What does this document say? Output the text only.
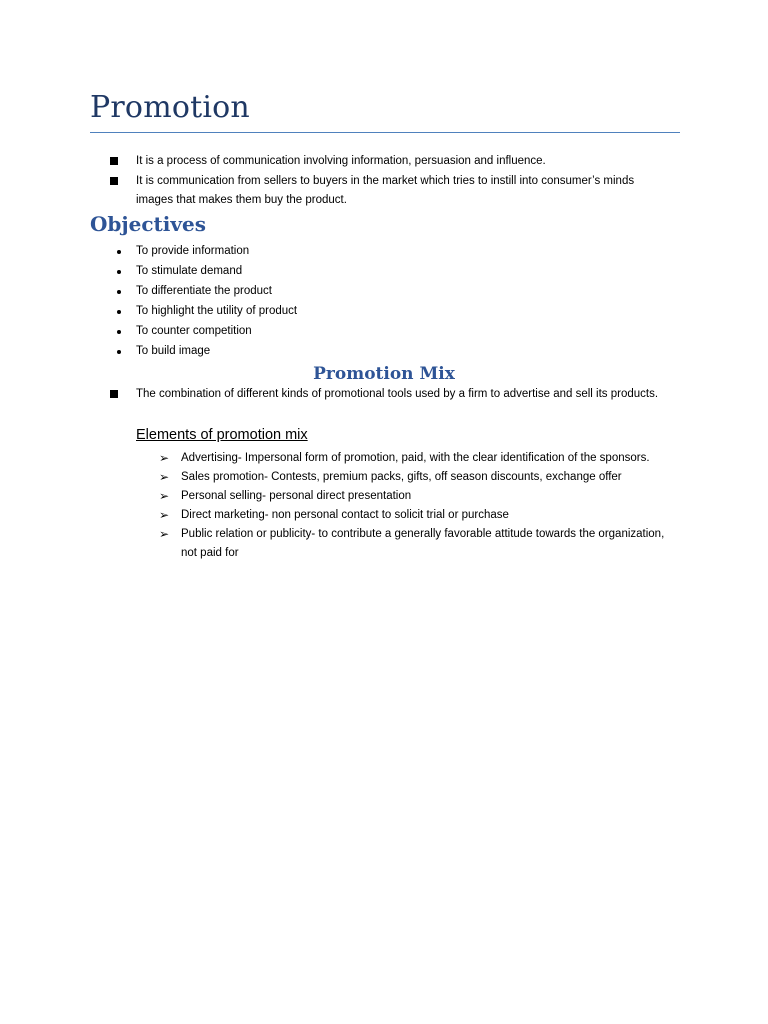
Promotion
It is a process of communication involving information, persuasion and influence.
It is communication from sellers to buyers in the market which tries to instill into consumer’s minds images that makes them buy the product.
Objectives
To provide information
To stimulate demand
To differentiate the product
To highlight the utility of product
To counter competition
To build image
Promotion Mix
The combination of different kinds of promotional tools used by a firm to advertise and sell its products.
Elements of promotion mix
➢ Advertising- Impersonal form of promotion, paid, with the clear identification of the sponsors.
➢ Sales promotion- Contests, premium packs, gifts, off season discounts, exchange offer
➢ Personal selling- personal direct presentation
➢ Direct marketing- non personal contact to solicit trial or purchase
➢ Public relation or publicity- to contribute a generally favorable attitude towards the organization, not paid for
